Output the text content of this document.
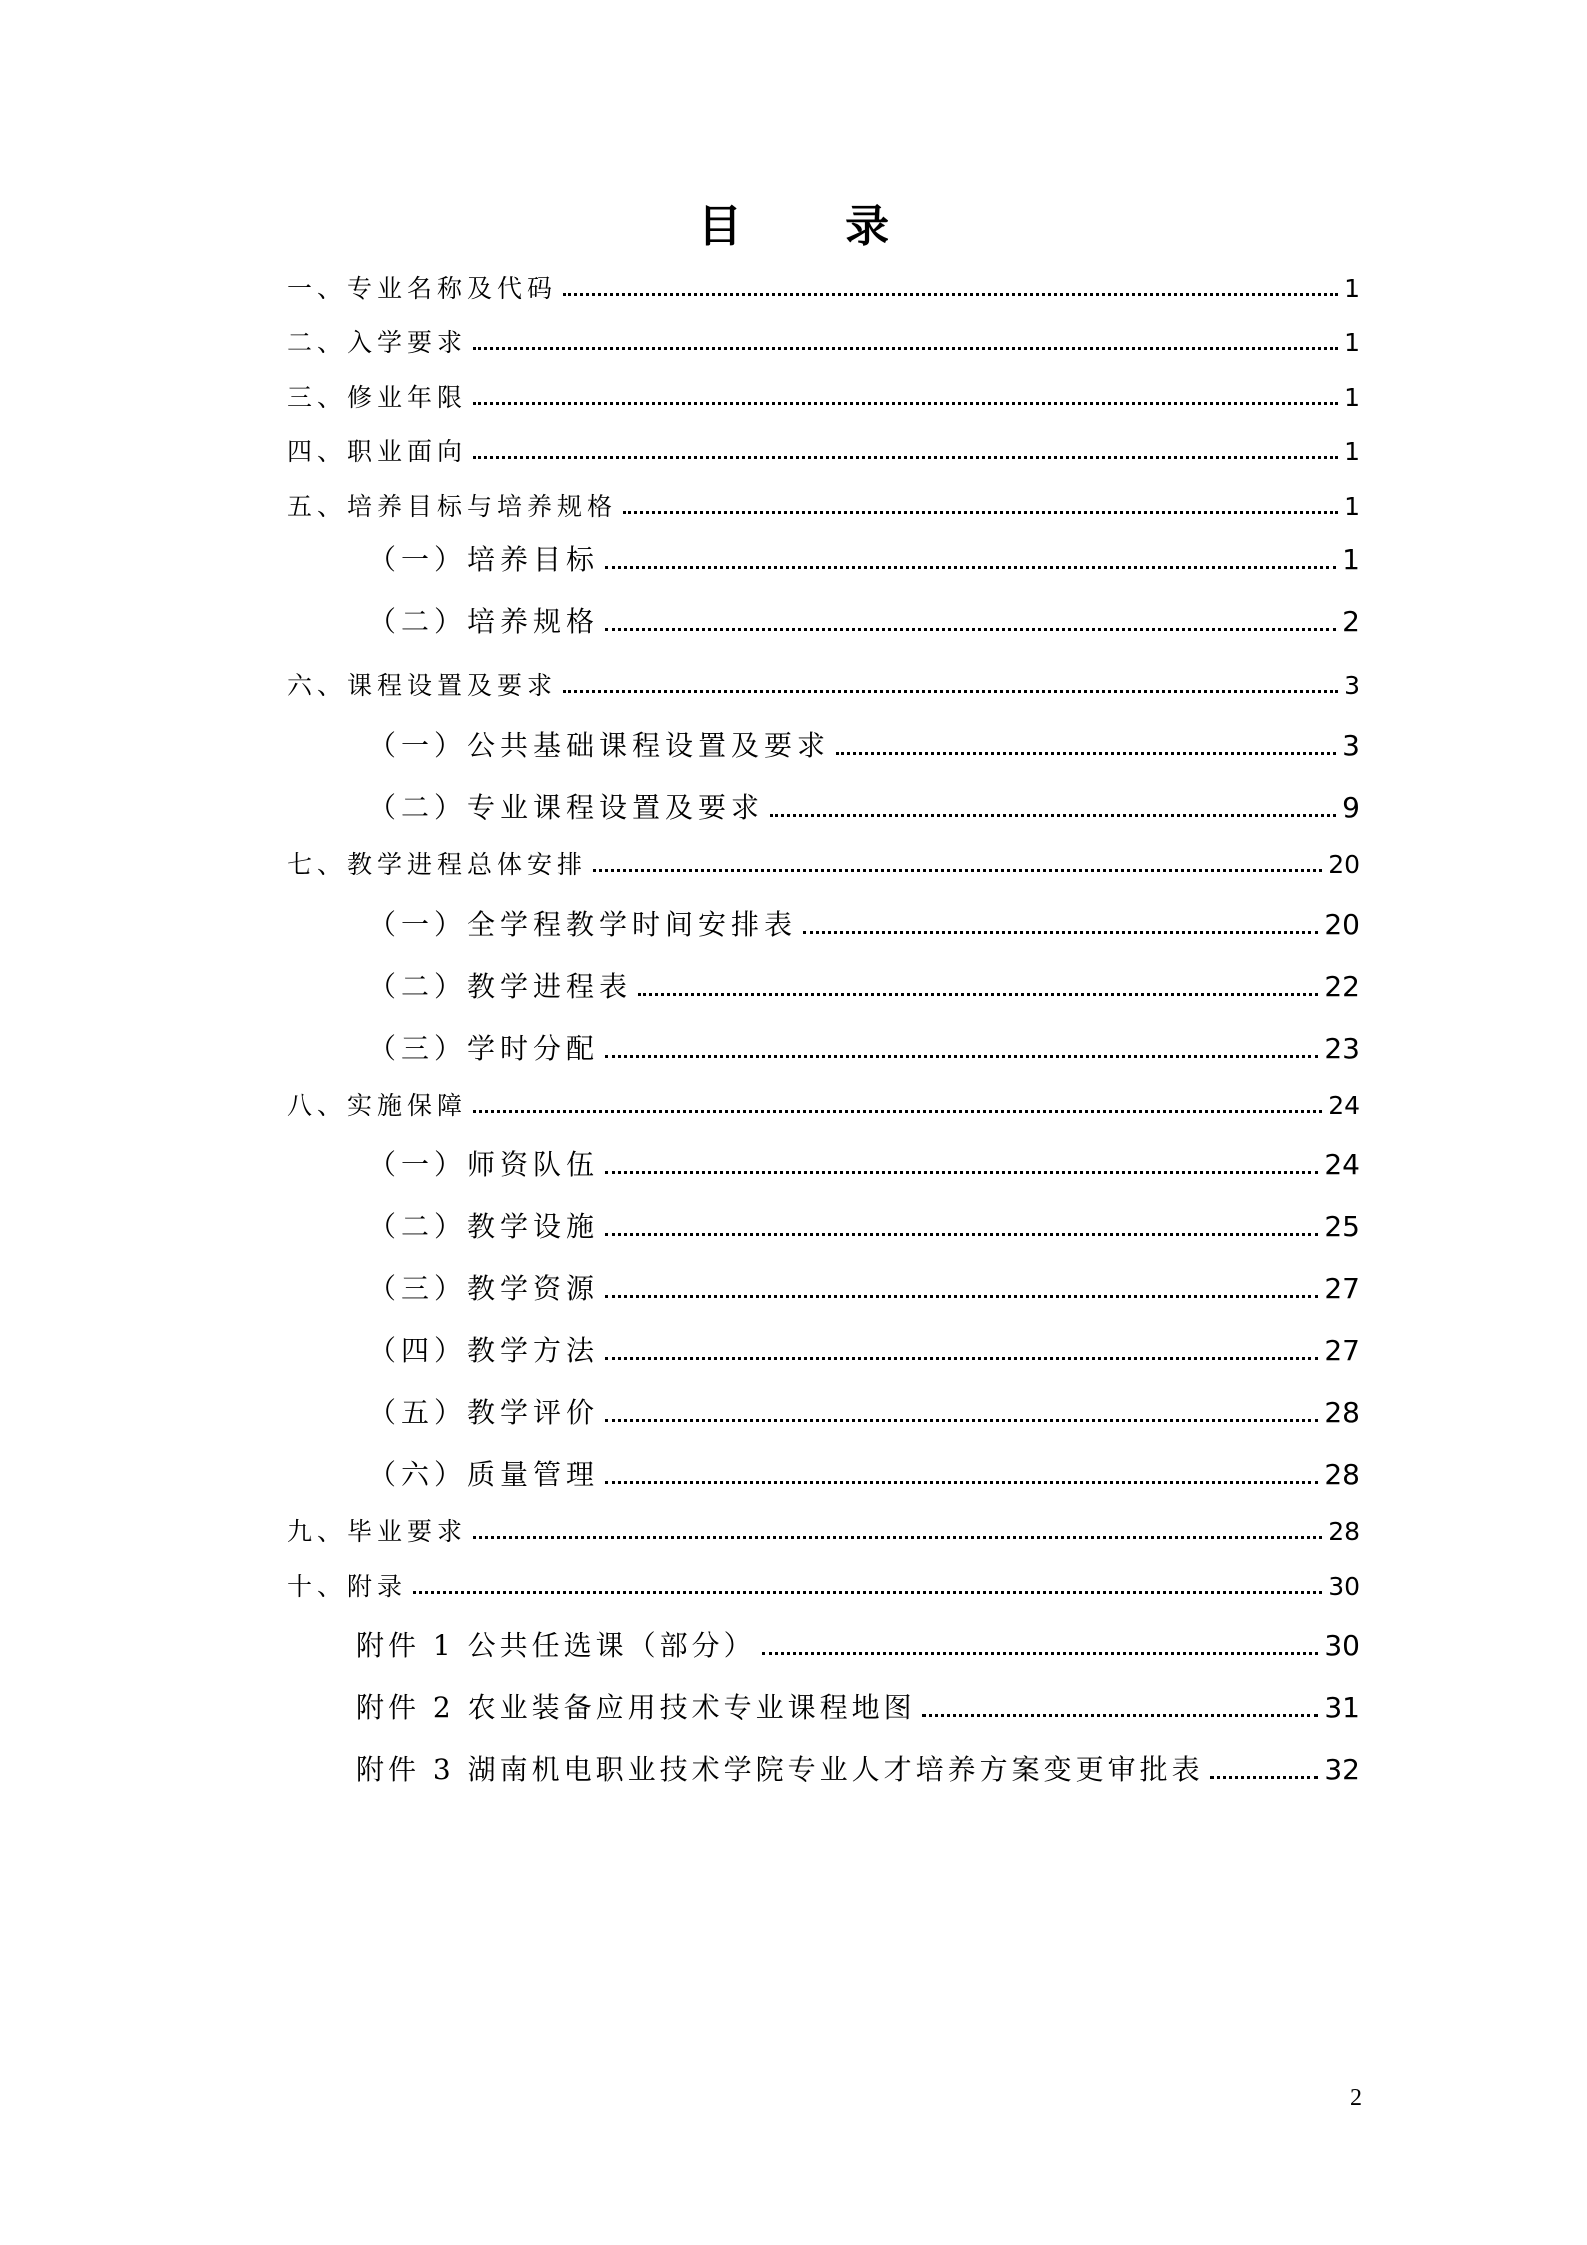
目 录
一、专业名称及代码	1
二、入学要求	1
三、修业年限	1
四、职业面向	1
五、培养目标与培养规格	1
（一）培养目标	1
（二）培养规格	2
六、课程设置及要求	3
（一）公共基础课程设置及要求	3
（二）专业课程设置及要求	9
七、教学进程总体安排	20
（一）全学程教学时间安排表	20
（二）教学进程表	22
（三）学时分配	23
八、实施保障	24
（一）师资队伍	24
（二）教学设施	25
（三）教学资源	27
（四）教学方法	27
（五）教学评价	28
（六）质量管理	28
九、毕业要求	28
十、附录	30
附件 1 公共任选课（部分）	30
附件 2 农业装备应用技术专业课程地图	31
附件 3 湖南机电职业技术学院专业人才培养方案变更审批表	32
2
